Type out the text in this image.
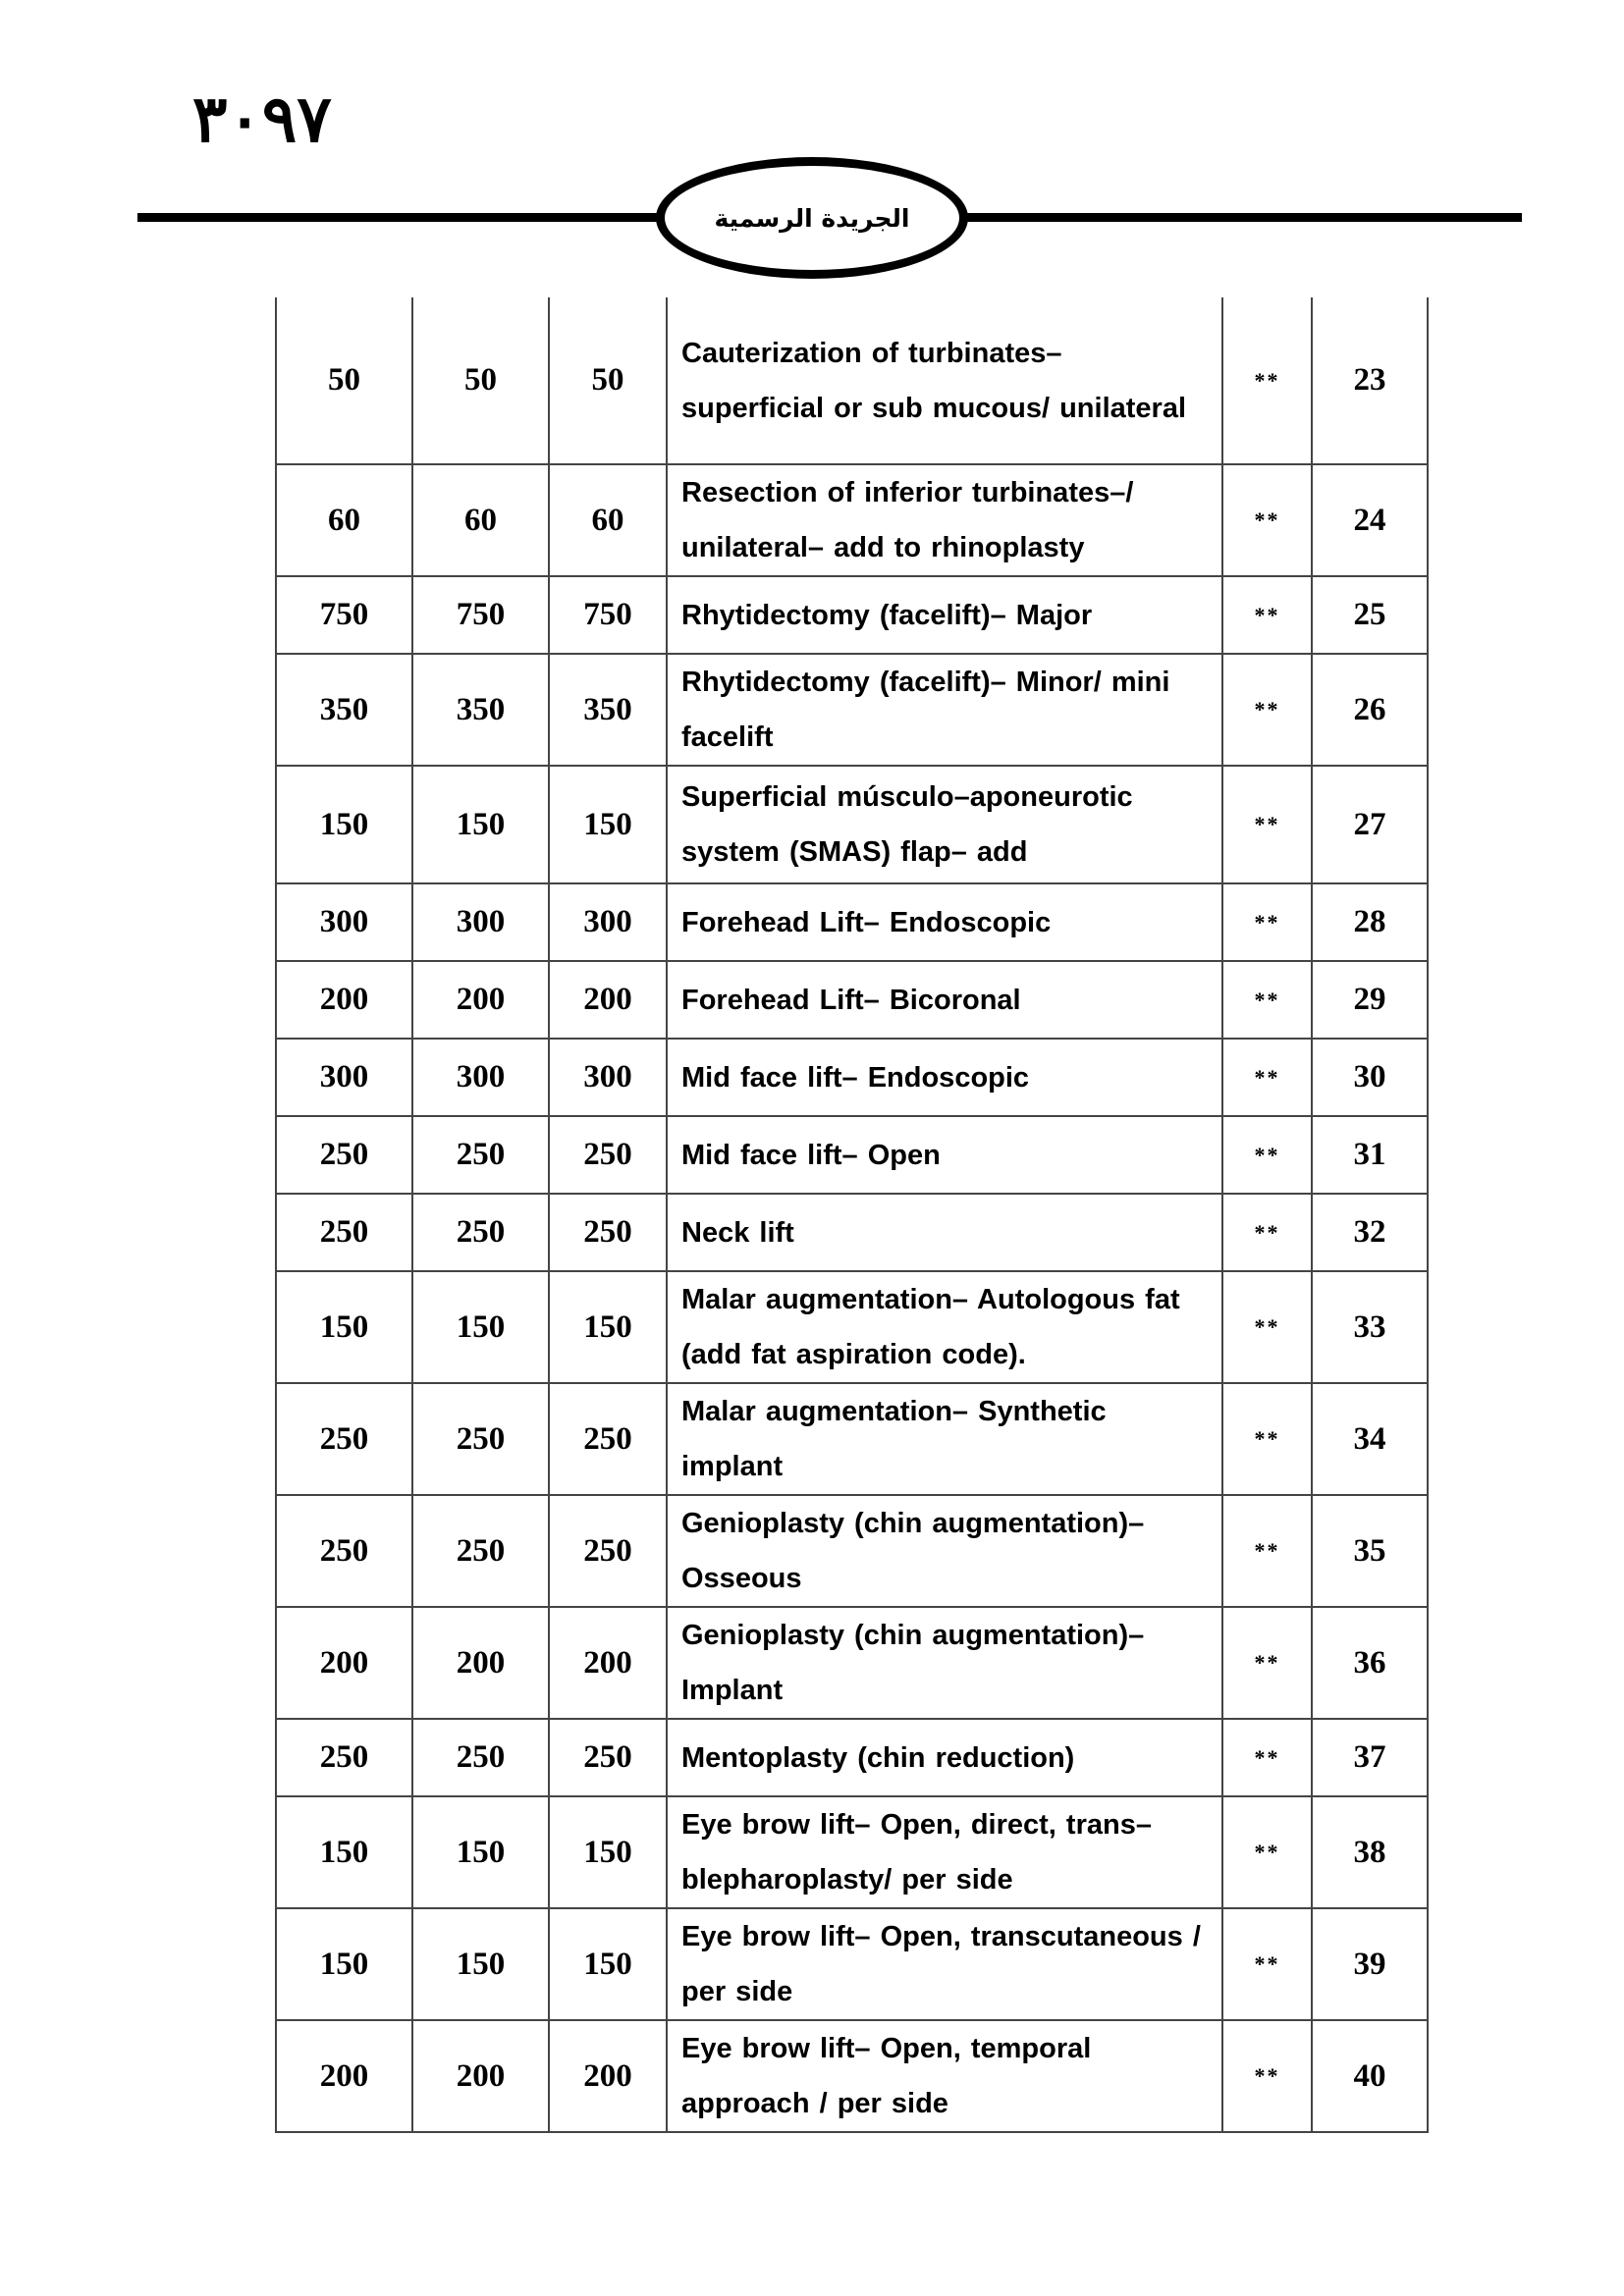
٣٠٩٧
الجريدة الرسمية
50	50	50	Cauterization of turbinates– superficial or sub mucous/ unilateral	**	23
60	60	60	Resection of inferior turbinates–/ unilateral– add to rhinoplasty	**	24
750	750	750	Rhytidectomy (facelift)– Major	**	25
350	350	350	Rhytidectomy (facelift)– Minor/ mini facelift	**	26
150	150	150	Superficial músculo–aponeurotic system (SMAS) flap– add	**	27
300	300	300	Forehead Lift– Endoscopic	**	28
200	200	200	Forehead Lift– Bicoronal	**	29
300	300	300	Mid face lift– Endoscopic	**	30
250	250	250	Mid face lift– Open	**	31
250	250	250	Neck lift	**	32
150	150	150	Malar augmentation– Autologous fat (add fat aspiration code).	**	33
250	250	250	Malar augmentation– Synthetic implant	**	34
250	250	250	Genioplasty (chin augmentation)– Osseous	**	35
200	200	200	Genioplasty (chin augmentation)– Implant	**	36
250	250	250	Mentoplasty (chin reduction)	**	37
150	150	150	Eye brow lift– Open, direct, trans– blepharoplasty/ per side	**	38
150	150	150	Eye brow lift– Open, transcutaneous / per side	**	39
200	200	200	Eye brow lift– Open, temporal approach / per side	**	40
